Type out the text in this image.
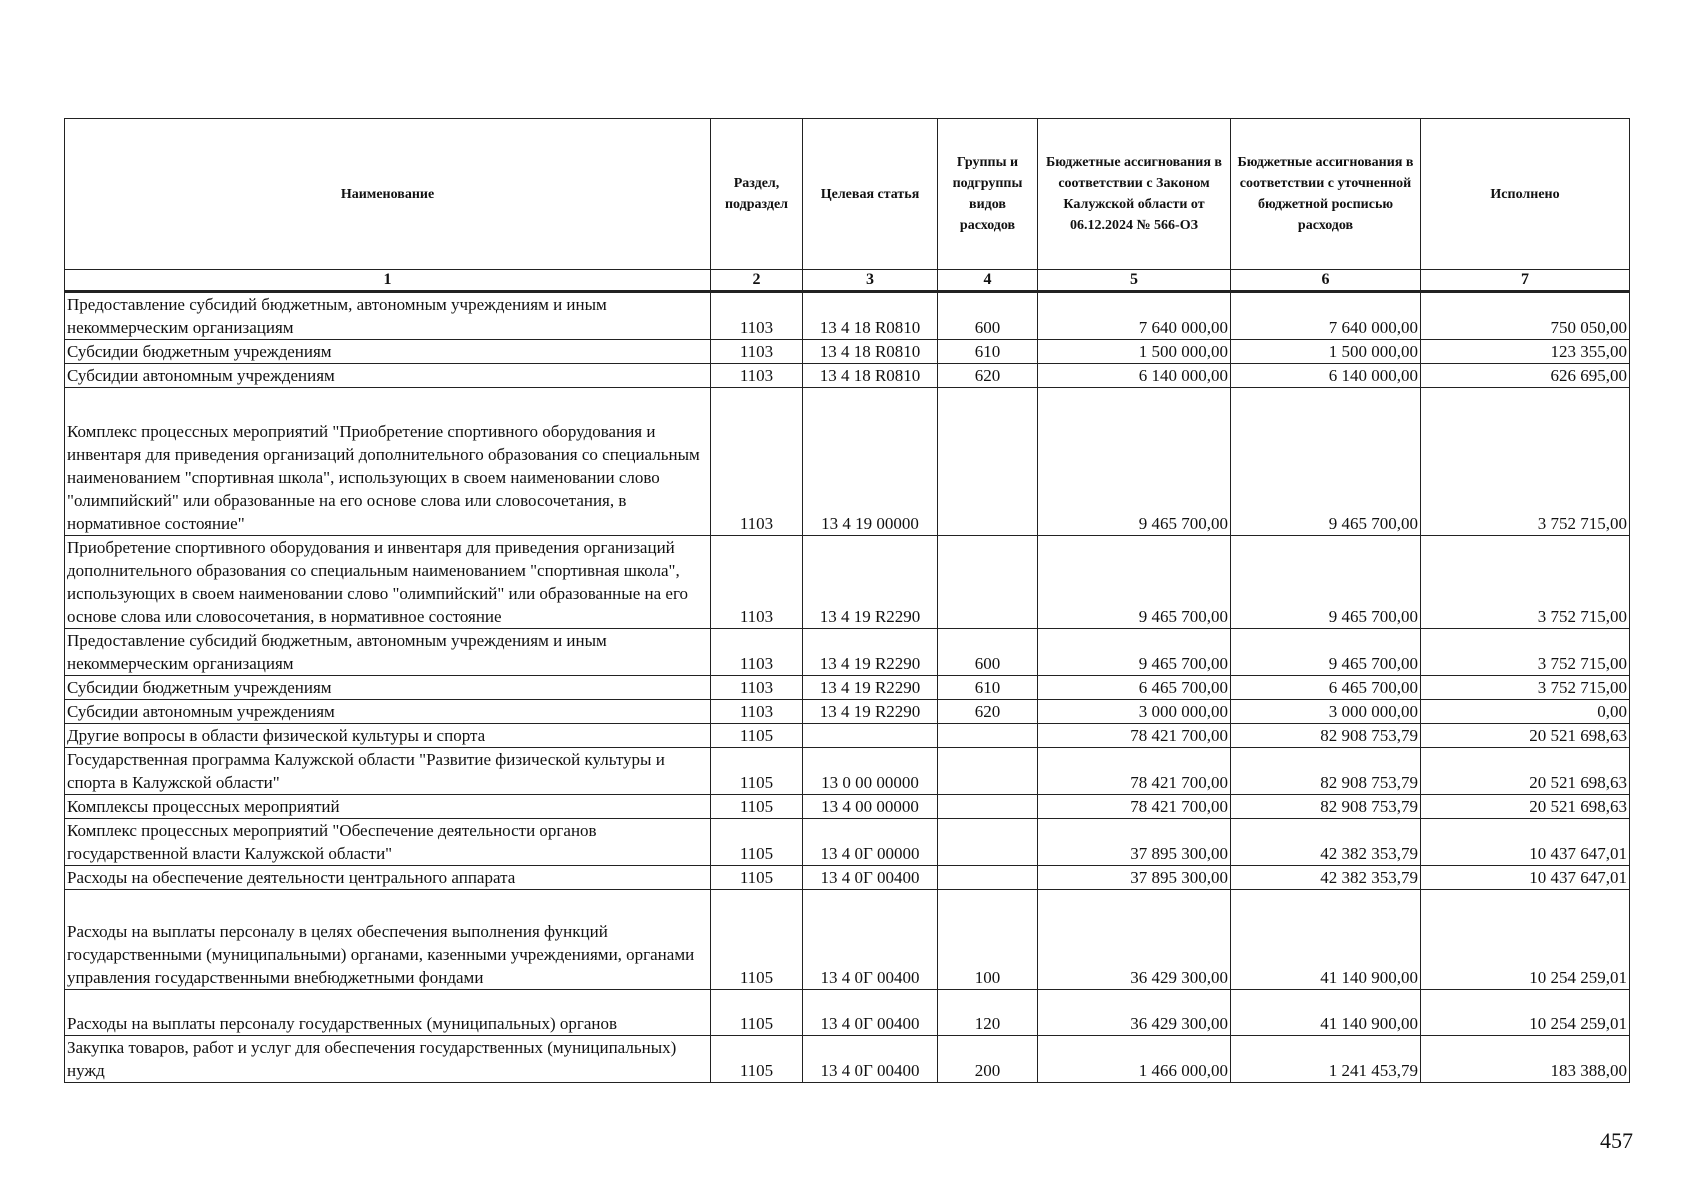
Наименование	Раздел, подраздел	Целевая статья	Группы и подгруппы видов расходов	Бюджетные ассигнования в соответствии с Законом Калужской области от 06.12.2024 № 566-ОЗ	Бюджетные ассигнования в соответствии с уточненной бюджетной росписью расходов	Исполнено
1	2	3	4	5	6	7
Предоставление субсидий бюджетным, автономным учреждениям и иным некоммерческим организациям	1103	13 4 18 R0810	600	7 640 000,00	7 640 000,00	750 050,00
Субсидии бюджетным учреждениям	1103	13 4 18 R0810	610	1 500 000,00	1 500 000,00	123 355,00
Субсидии автономным учреждениям	1103	13 4 18 R0810	620	6 140 000,00	6 140 000,00	626 695,00
Комплекс процессных мероприятий "Приобретение спортивного оборудования и инвентаря для приведения организаций дополнительного образования со специальным наименованием "спортивная школа", использующих в своем наименовании слово "олимпийский" или образованные на его основе слова или словосочетания, в нормативное состояние"	1103	13 4 19 00000		9 465 700,00	9 465 700,00	3 752 715,00
Приобретение спортивного оборудования и инвентаря для приведения организаций дополнительного образования со специальным наименованием "спортивная школа", использующих в своем наименовании слово "олимпийский" или образованные на его основе слова или словосочетания, в нормативное состояние	1103	13 4 19 R2290		9 465 700,00	9 465 700,00	3 752 715,00
Предоставление субсидий бюджетным, автономным учреждениям и иным некоммерческим организациям	1103	13 4 19 R2290	600	9 465 700,00	9 465 700,00	3 752 715,00
Субсидии бюджетным учреждениям	1103	13 4 19 R2290	610	6 465 700,00	6 465 700,00	3 752 715,00
Субсидии автономным учреждениям	1103	13 4 19 R2290	620	3 000 000,00	3 000 000,00	0,00
Другие вопросы в области физической культуры и спорта	1105			78 421 700,00	82 908 753,79	20 521 698,63
Государственная программа Калужской области "Развитие физической культуры и спорта в Калужской области"	1105	13 0 00 00000		78 421 700,00	82 908 753,79	20 521 698,63
Комплексы процессных мероприятий	1105	13 4 00 00000		78 421 700,00	82 908 753,79	20 521 698,63
Комплекс процессных мероприятий "Обеспечение деятельности органов государственной власти Калужской области"	1105	13 4 0Г 00000		37 895 300,00	42 382 353,79	10 437 647,01
Расходы на обеспечение деятельности центрального аппарата	1105	13 4 0Г 00400		37 895 300,00	42 382 353,79	10 437 647,01
Расходы на выплаты персоналу в целях обеспечения выполнения функций государственными (муниципальными) органами, казенными учреждениями, органами управления государственными внебюджетными фондами	1105	13 4 0Г 00400	100	36 429 300,00	41 140 900,00	10 254 259,01
Расходы на выплаты персоналу государственных (муниципальных) органов	1105	13 4 0Г 00400	120	36 429 300,00	41 140 900,00	10 254 259,01
Закупка товаров, работ и услуг для обеспечения государственных (муниципальных) нужд	1105	13 4 0Г 00400	200	1 466 000,00	1 241 453,79	183 388,00
457
